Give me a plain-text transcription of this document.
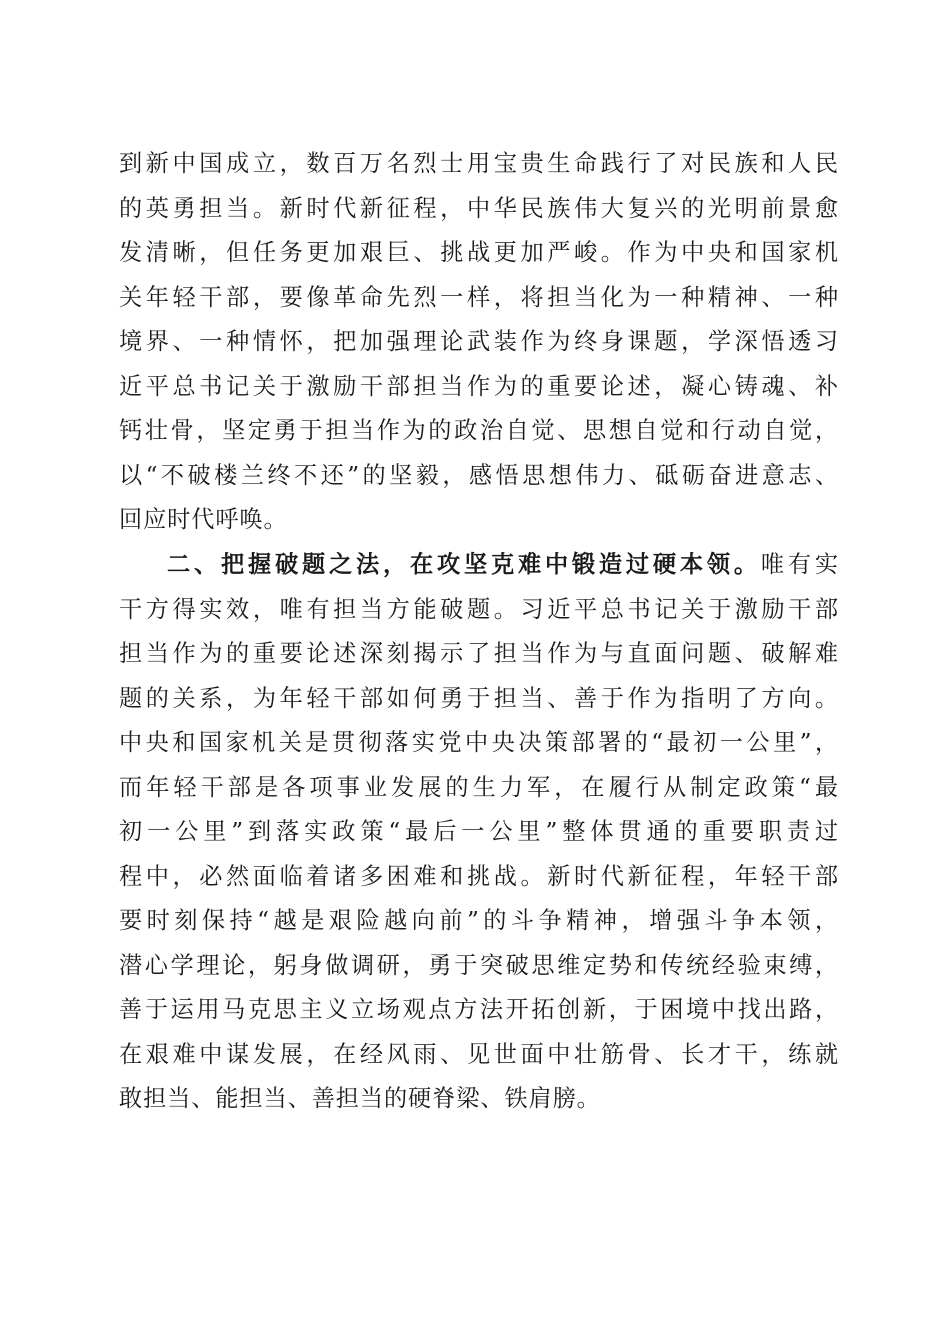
到新中国成立，数百万名烈士用宝贵生命践行了对民族和人民
的英勇担当。新时代新征程，中华民族伟大复兴的光明前景愈
发清晰，但任务更加艰巨、挑战更加严峻。作为中央和国家机
关年轻干部，要像革命先烈一样，将担当化为一种精神、一种
境界、一种情怀，把加强理论武装作为终身课题，学深悟透习
近平总书记关于激励干部担当作为的重要论述，凝心铸魂、补
钙壮骨，坚定勇于担当作为的政治自觉、思想自觉和行动自觉，
以“不破楼兰终不还”的坚毅，感悟思想伟力、砥砺奋进意志、
回应时代呼唤。
二、把握破题之法，在攻坚克难中锻造过硬本领。唯有实
干方得实效，唯有担当方能破题。习近平总书记关于激励干部
担当作为的重要论述深刻揭示了担当作为与直面问题、破解难
题的关系，为年轻干部如何勇于担当、善于作为指明了方向。
中央和国家机关是贯彻落实党中央决策部署的“最初一公里”，
而年轻干部是各项事业发展的生力军，在履行从制定政策“最
初一公里”到落实政策“最后一公里”整体贯通的重要职责过
程中，必然面临着诸多困难和挑战。新时代新征程，年轻干部
要时刻保持“越是艰险越向前”的斗争精神，增强斗争本领，
潜心学理论，躬身做调研，勇于突破思维定势和传统经验束缚，
善于运用马克思主义立场观点方法开拓创新，于困境中找出路，
在艰难中谋发展，在经风雨、见世面中壮筋骨、长才干，练就
敢担当、能担当、善担当的硬脊梁、铁肩膀。
